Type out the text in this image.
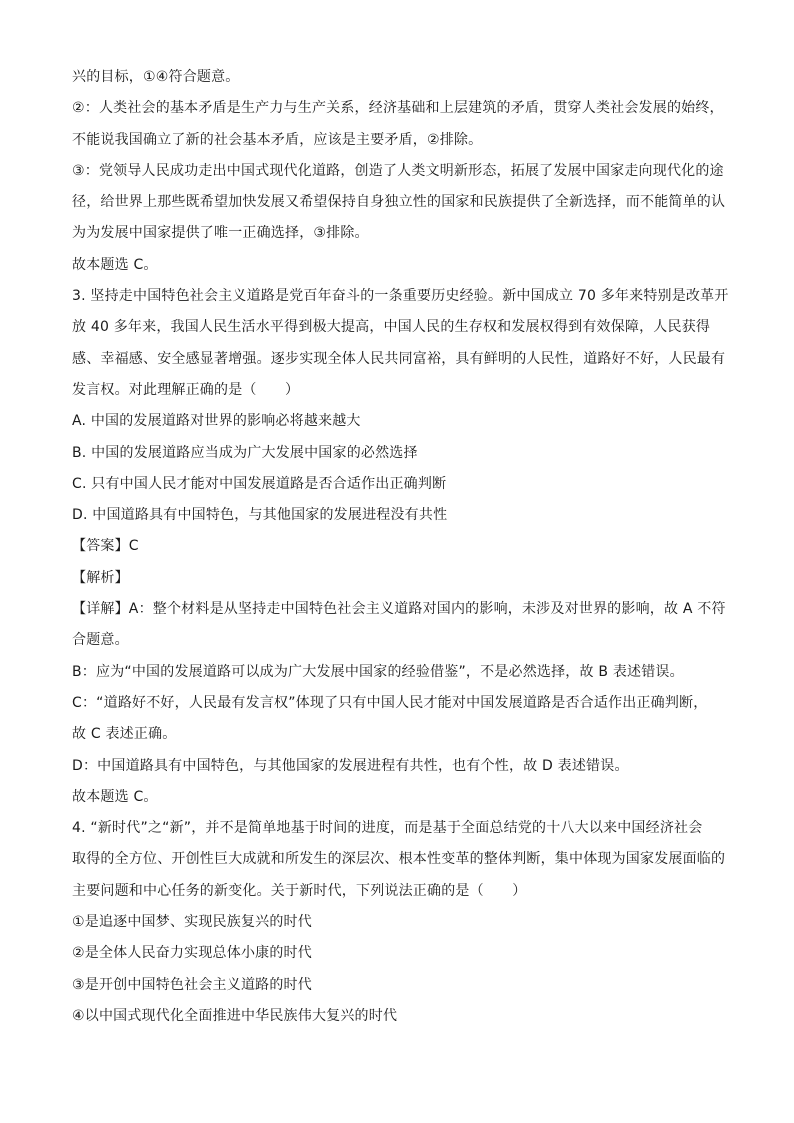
兴的目标，①④符合题意。
②：人类社会的基本矛盾是生产力与生产关系，经济基础和上层建筑的矛盾，贯穿人类社会发展的始终，
不能说我国确立了新的社会基本矛盾，应该是主要矛盾，②排除。
③：党领导人民成功走出中国式现代化道路，创造了人类文明新形态，拓展了发展中国家走向现代化的途
径，给世界上那些既希望加快发展又希望保持自身独立性的国家和民族提供了全新选择，而不能简单的认
为为发展中国家提供了唯一正确选择，③排除。
故本题选 C。
3. 坚持走中国特色社会主义道路是党百年奋斗的一条重要历史经验。新中国成立 70 多年来特别是改革开
放 40 多年来，我国人民生活水平得到极大提高，中国人民的生存权和发展权得到有效保障，人民获得
感、幸福感、安全感显著增强。逐步实现全体人民共同富裕，具有鲜明的人民性，道路好不好，人民最有
发言权。对此理解正确的是（　　）
A. 中国的发展道路对世界的影响必将越来越大
B. 中国的发展道路应当成为广大发展中国家的必然选择
C. 只有中国人民才能对中国发展道路是否合适作出正确判断
D. 中国道路具有中国特色，与其他国家的发展进程没有共性
【答案】C
【解析】
【详解】A：整个材料是从坚持走中国特色社会主义道路对国内的影响，未涉及对世界的影响，故 A 不符
合题意。
B：应为“中国的发展道路可以成为广大发展中国家的经验借鉴”，不是必然选择，故 B 表述错误。
C：“道路好不好，人民最有发言权”体现了只有中国人民才能对中国发展道路是否合适作出正确判断，
故 C 表述正确。
D：中国道路具有中国特色，与其他国家的发展进程有共性，也有个性，故 D 表述错误。
故本题选 C。
4. “新时代”之“新”，并不是简单地基于时间的进度，而是基于全面总结党的十八大以来中国经济社会
取得的全方位、开创性巨大成就和所发生的深层次、根本性变革的整体判断，集中体现为国家发展面临的
主要问题和中心任务的新变化。关于新时代，下列说法正确的是（　　）
①是追逐中国梦、实现民族复兴的时代
②是全体人民奋力实现总体小康的时代
③是开创中国特色社会主义道路的时代
④以中国式现代化全面推进中华民族伟大复兴的时代
